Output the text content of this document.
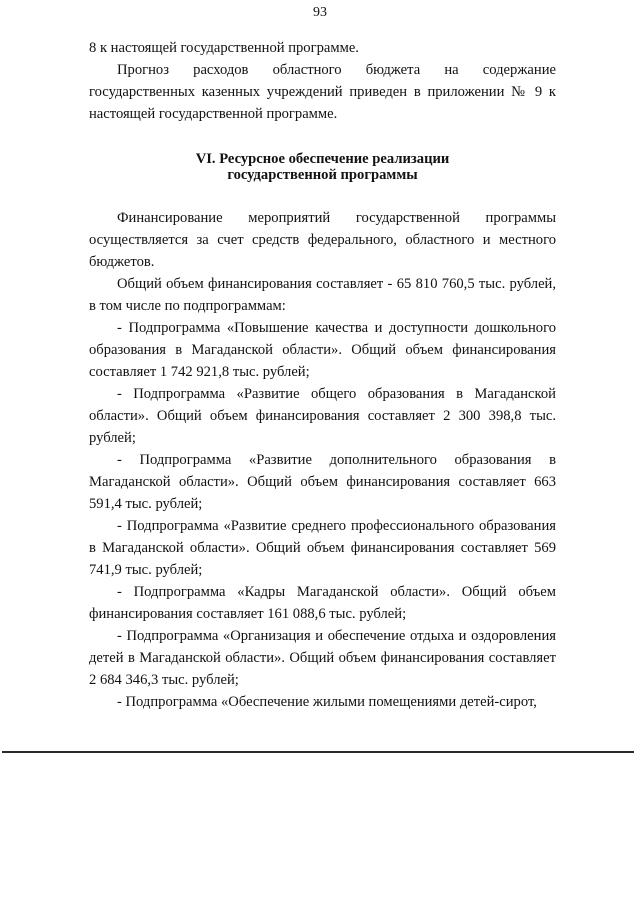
93

8 к настоящей государственной программе.

Прогноз расходов областного бюджета на содержание государственных казенных учреждений приведен в приложении № 9 к настоящей государственной программе.

VI. Ресурсное обеспечение реализации
государственной программы

Финансирование мероприятий государственной программы осуществляется за счет средств федерального, областного и местного бюджетов.

Общий объем финансирования составляет - 65 810 760,5 тыс. рублей, в том числе по подпрограммам:

- Подпрограмма «Повышение качества и доступности дошкольного образования в Магаданской области». Общий объем финансирования составляет 1 742 921,8 тыс. рублей;

- Подпрограмма «Развитие общего образования в Магаданской области». Общий объем финансирования составляет 2 300 398,8 тыс. рублей;

- Подпрограмма «Развитие дополнительного образования в Магаданской области». Общий объем финансирования составляет 663 591,4 тыс. рублей;

- Подпрограмма «Развитие среднего профессионального образования в Магаданской области». Общий объем финансирования составляет 569 741,9 тыс. рублей;

- Подпрограмма «Кадры Магаданской области». Общий объем финансирования составляет 161 088,6 тыс. рублей;

- Подпрограмма «Организация и обеспечение отдыха и оздоровления детей в Магаданской области». Общий объем финансирования составляет 2 684 346,3 тыс. рублей;

- Подпрограмма «Обеспечение жилыми помещениями детей-сирот,
